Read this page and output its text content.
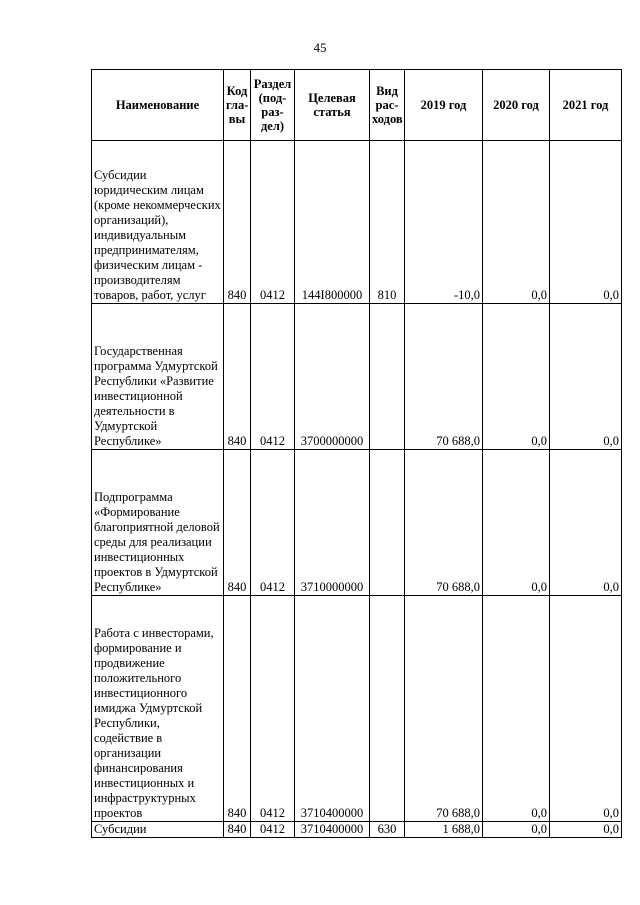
45
Наименование	Код гла-вы	Раздел (под-раз-дел)	Целевая статья	Вид рас-ходов	2019 год	2020 год	2021 год
Субсидии юридическим лицам (кроме некоммерческих организаций), индивидуальным предпринимателям, физическим лицам - производителям товаров, работ, услуг	840	0412	144I800000	810	-10,0	0,0	0,0
Государственная программа Удмуртской Республики «Развитие инвестиционной деятельности в Удмуртской Республике»	840	0412	3700000000		70 688,0	0,0	0,0
Подпрограмма «Формирование благоприятной деловой среды для реализации инвестиционных проектов в Удмуртской Республике»	840	0412	3710000000		70 688,0	0,0	0,0
Работа с инвесторами, формирование и продвижение положительного инвестиционного имиджа Удмуртской Республики, содействие в организации финансирования инвестиционных и инфраструктурных проектов	840	0412	3710400000		70 688,0	0,0	0,0
Субсидии	840	0412	3710400000	630	1 688,0	0,0	0,0
